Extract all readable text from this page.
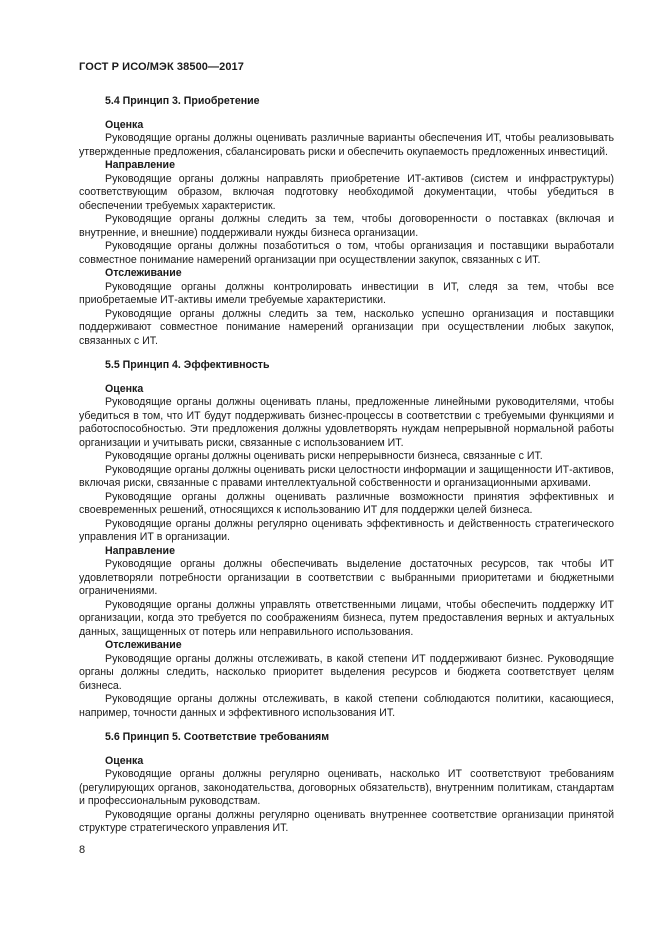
ГОСТ Р ИСО/МЭК 38500—2017
5.4 Принцип 3. Приобретение
Оценка

Руководящие органы должны оценивать различные варианты обеспечения ИТ, чтобы реализовывать утвержденные предложения, сбалансировать риски и обеспечить окупаемость предложенных инвестиций.

Направление

Руководящие органы должны направлять приобретение ИТ-активов (систем и инфраструктуры) соответствующим образом, включая подготовку необходимой документации, чтобы убедиться в обеспечении требуемых характеристик.

Руководящие органы должны следить за тем, чтобы договоренности о поставках (включая и внутренние, и внешние) поддерживали нужды бизнеса организации.

Руководящие органы должны позаботиться о том, чтобы организация и поставщики выработали совместное понимание намерений организации при осуществлении закупок, связанных с ИТ.

Отслеживание

Руководящие органы должны контролировать инвестиции в ИТ, следя за тем, чтобы все приобретаемые ИТ-активы имели требуемые характеристики.

Руководящие органы должны следить за тем, насколько успешно организация и поставщики поддерживают совместное понимание намерений организации при осуществлении любых закупок, связанных с ИТ.

5.5 Принцип 4. Эффективность
Оценка

Руководящие органы должны оценивать планы, предложенные линейными руководителями, чтобы убедиться в том, что ИТ будут поддерживать бизнес-процессы в соответствии с требуемыми функциями и работоспособностью. Эти предложения должны удовлетворять нуждам непрерывной нормальной работы организации и учитывать риски, связанные с использованием ИТ.

Руководящие органы должны оценивать риски непрерывности бизнеса, связанные с ИТ.

Руководящие органы должны оценивать риски целостности информации и защищенности ИТ-активов, включая риски, связанные с правами интеллектуальной собственности и организационными архивами.

Руководящие органы должны оценивать различные возможности принятия эффективных и своевременных решений, относящихся к использованию ИТ для поддержки целей бизнеса.

Руководящие органы должны регулярно оценивать эффективность и действенность стратегического управления ИТ в организации.

Направление

Руководящие органы должны обеспечивать выделение достаточных ресурсов, так чтобы ИТ удовлетворяли потребности организации в соответствии с выбранными приоритетами и бюджетными ограничениями.

Руководящие органы должны управлять ответственными лицами, чтобы обеспечить поддержку ИТ организации, когда это требуется по соображениям бизнеса, путем предоставления верных и актуальных данных, защищенных от потерь или неправильного использования.

Отслеживание

Руководящие органы должны отслеживать, в какой степени ИТ поддерживают бизнес. Руководящие органы должны следить, насколько приоритет выделения ресурсов и бюджета соответствует целям бизнеса.

Руководящие органы должны отслеживать, в какой степени соблюдаются политики, касающиеся, например, точности данных и эффективного использования ИТ.

5.6 Принцип 5. Соответствие требованиям
Оценка

Руководящие органы должны регулярно оценивать, насколько ИТ соответствуют требованиям (регулирующих органов, законодательства, договорных обязательств), внутренним политикам, стандартам и профессиональным руководствам.

Руководящие органы должны регулярно оценивать внутреннее соответствие организации принятой структуре стратегического управления ИТ.

8
